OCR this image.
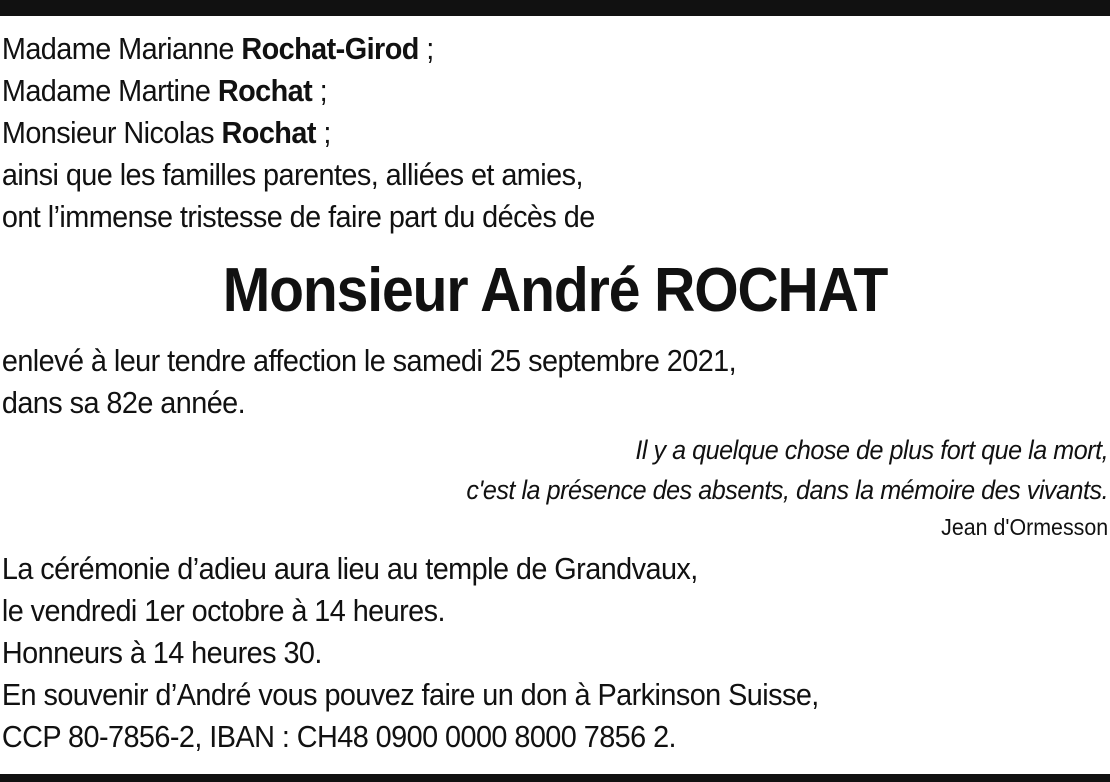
Madame Marianne Rochat-Girod ;
Madame Martine Rochat ;
Monsieur Nicolas Rochat ;
ainsi que les familles parentes, alliées et amies,
ont l’immense tristesse de faire part du décès de
Monsieur André ROCHAT
enlevé à leur tendre affection le samedi 25 septembre 2021,
dans sa 82e année.
Il y a quelque chose de plus fort que la mort,
c'est la présence des absents, dans la mémoire des vivants.
Jean d'Ormesson
La cérémonie d’adieu aura lieu au temple de Grandvaux,
le vendredi 1er octobre à 14 heures.
Honneurs à 14 heures 30.
En souvenir d’André vous pouvez faire un don à Parkinson Suisse,
CCP 80-7856-2, IBAN : CH48 0900 0000 8000 7856 2.
